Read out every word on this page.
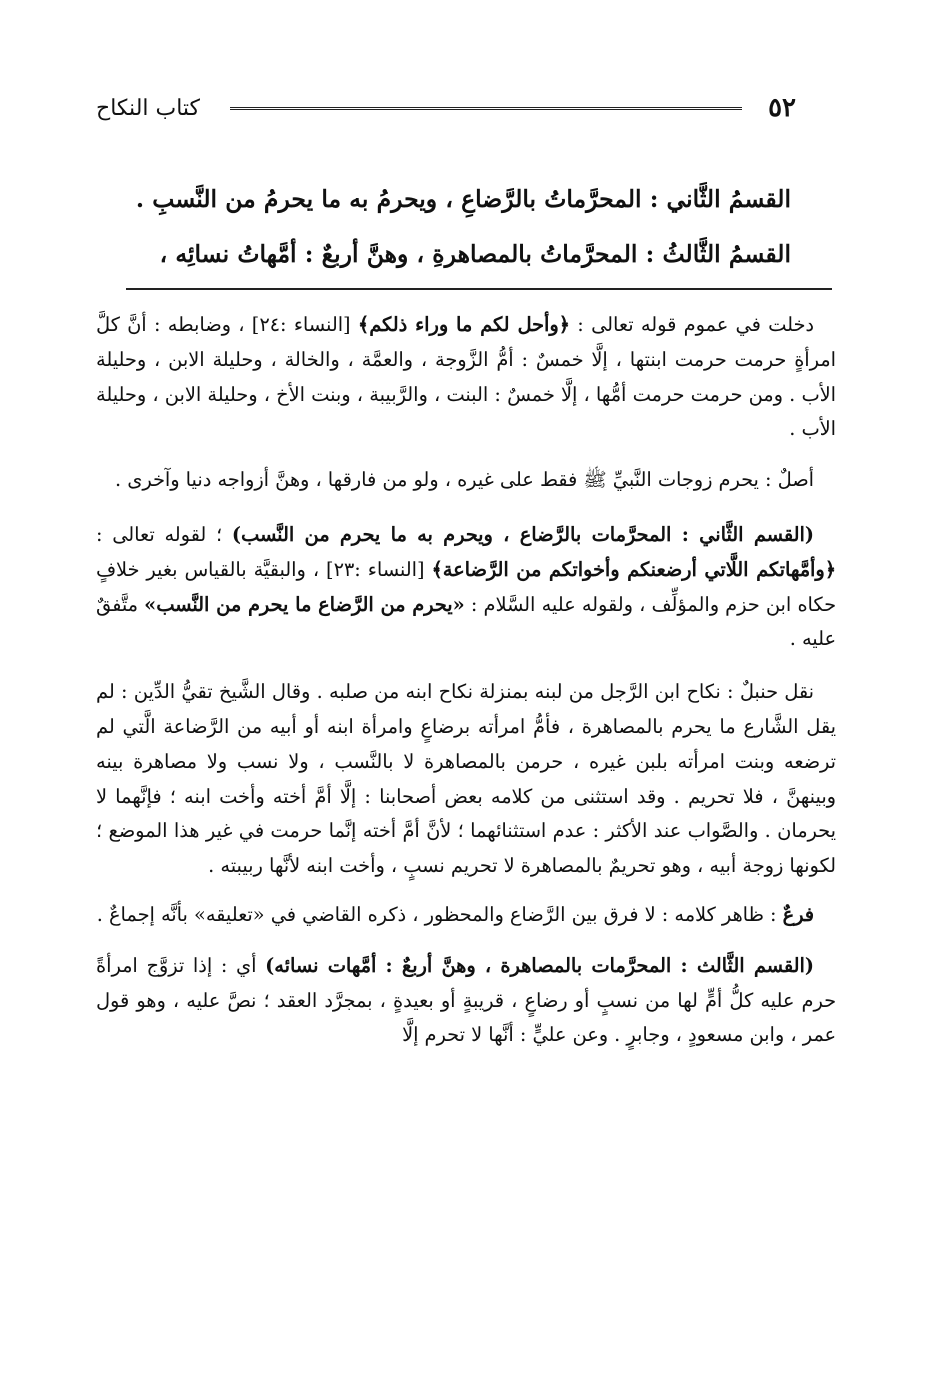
كتاب النكاح	٥٢

القسمُ الثَّاني : المحرَّماتُ بالرَّضاعِ ، ويحرمُ به ما يحرمُ من النَّسبِ .

القسمُ الثَّالثُ : المحرَّماتُ بالمصاهرةِ ، وهنَّ أربعٌ : أمَّهاتُ نسائِه ،

دخلت في عموم قوله تعالى : ﴿وأحل لكم ما وراء ذلكم﴾ [النساء :٢٤] ، وضابطه : أنَّ كلَّ امرأةٍ حرمت حرمت ابنتها ، إلَّا خمسٌ : أمُّ الزَّوجة ، والعمَّة ، والخالة ، وحليلة الابن ، وحليلة الأب . ومن حرمت حرمت أمُّها ، إلَّا خمسٌ : البنت ، والرَّبيبة ، وبنت الأخ ، وحليلة الابن ، وحليلة الأب .

أصلٌ : يحرم زوجات النَّبيِّ ﷺ فقط على غيره ، ولو من فارقها ، وهنَّ أزواجه دنيا وآخرى .

(القسم الثَّاني : المحرَّمات بالرَّضاع ، ويحرم به ما يحرم من النَّسب) ؛ لقوله تعالى : ﴿وأمَّهاتكم اللَّاتي أرضعنكم وأخواتكم من الرَّضاعة﴾ [النساء :٢٣] ، والبقيَّة بالقياس بغير خلافٍ حكاه ابن حزم والمؤلِّف ، ولقوله عليه السَّلام : «يحرم من الرَّضاع ما يحرم من النَّسب» متَّفقٌ عليه .

نقل حنبلٌ : نكاح ابن الرَّجل من لبنه بمنزلة نكاح ابنه من صلبه . وقال الشَّيخ تقيُّ الدِّين : لم يقل الشَّارع ما يحرم بالمصاهرة ، فأمُّ امرأته برضاعٍ وامرأة ابنه أو أبيه من الرَّضاعة الَّتي لم ترضعه وبنت امرأته بلبن غيره ، حرمن بالمصاهرة لا بالنَّسب ، ولا نسب ولا مصاهرة بينه وبينهنَّ ، فلا تحريم . وقد استثنى من كلامه بعض أصحابنا : إلَّا أمَّ أخته وأخت ابنه ؛ فإنَّهما لا يحرمان . والصَّواب عند الأكثر : عدم استثنائهما ؛ لأنَّ أمَّ أخته إنَّما حرمت في غير هذا الموضع ؛ لكونها زوجة أبيه ، وهو تحريمٌ بالمصاهرة لا تحريم نسبٍ ، وأخت ابنه لأنَّها ربيبته .

فرعٌ : ظاهر كلامه : لا فرق بين الرَّضاع والمحظور ، ذكره القاضي في «تعليقه» بأنَّه إجماعٌ .

(القسم الثَّالث : المحرَّمات بالمصاهرة ، وهنَّ أربعٌ : أمَّهات نسائه) أي : إذا تزوَّج امرأةً حرم عليه كلُّ أمٍّ لها من نسبٍ أو رضاعٍ ، قريبةٍ أو بعيدةٍ ، بمجرَّد العقد ؛ نصَّ عليه ، وهو قول عمر ، وابن مسعودٍ ، وجابرٍ . وعن عليٍّ : أنَّها لا تحرم إلَّا
